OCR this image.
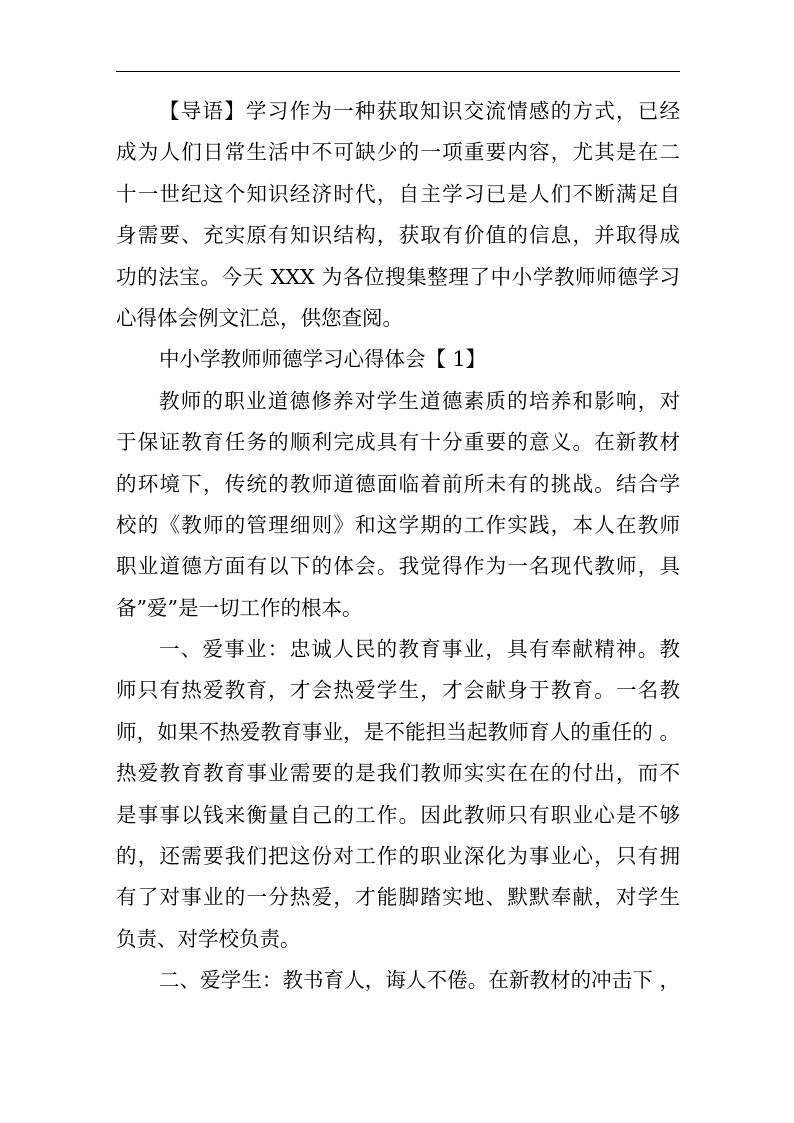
【导语】学习作为一种获取知识交流情感的方式，已经
成为人们日常生活中不可缺少的一项重要内容，尤其是在二
十一世纪这个知识经济时代，自主学习已是人们不断满足自
身需要、充实原有知识结构，获取有价值的信息，并取得成
功的法宝。今天 XXX 为各位搜集整理了中小学教师师德学习
心得体会例文汇总，供您查阅。
中小学教师师德学习心得体会【 1】
教师的职业道德修养对学生道德素质的培养和影响，对
于保证教育任务的顺利完成具有十分重要的意义。在新教材
的环境下，传统的教师道德面临着前所未有的挑战。结合学
校的《教师的管理细则》和这学期的工作实践，本人在教师
职业道德方面有以下的体会。我觉得作为一名现代教师，具
备”爱”是一切工作的根本。
一、爱事业：忠诚人民的教育事业，具有奉献精神。教
师只有热爱教育，才会热爱学生，才会献身于教育。一名教
师，如果不热爱教育事业，是不能担当起教师育人的重任的 。
热爱教育教育事业需要的是我们教师实实在在的付出，而不
是事事以钱来衡量自己的工作。因此教师只有职业心是不够
的，还需要我们把这份对工作的职业深化为事业心，只有拥
有了对事业的一分热爱，才能脚踏实地、默默奉献，对学生
负责、对学校负责。
二、爱学生：教书育人，诲人不倦。在新教材的冲击下 ，
